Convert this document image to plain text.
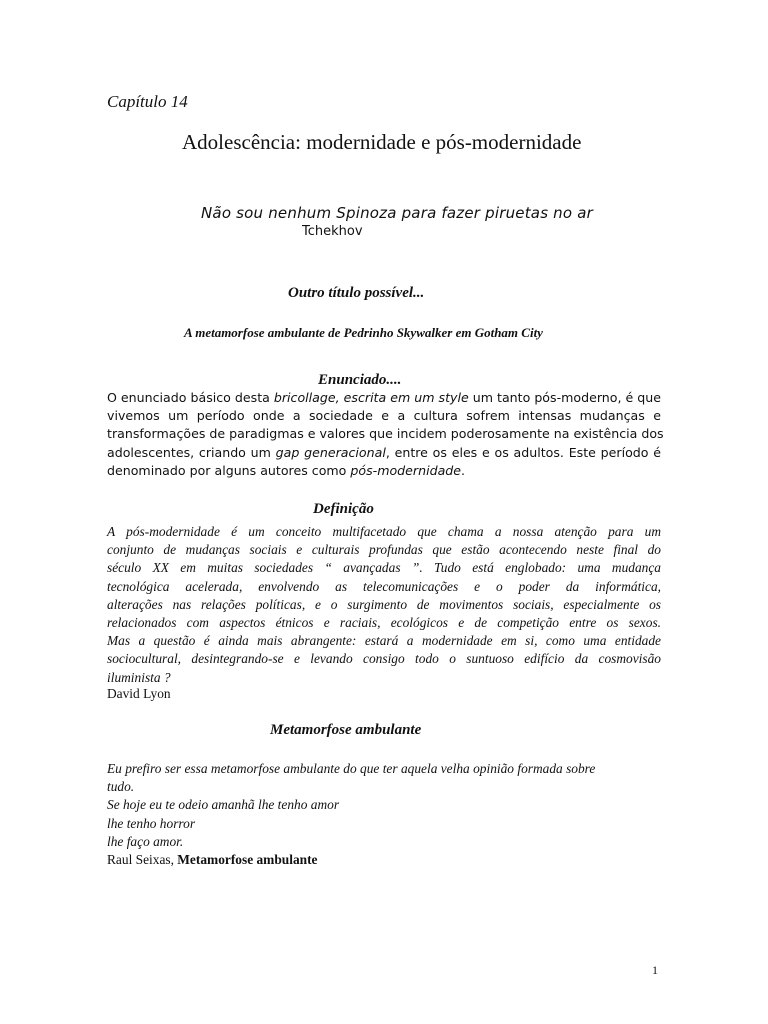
Capítulo 14
Adolescência: modernidade e pós-modernidade
Não sou nenhum Spinoza para fazer piruetas no ar
Tchekhov
Outro título possível...
A metamorfose ambulante de Pedrinho Skywalker em Gotham City
Enunciado....
O enunciado básico desta bricollage, escrita em um style um tanto pós-moderno, é que
vivemos um período onde a sociedade e a cultura sofrem intensas mudanças e
transformações de paradigmas e valores que incidem poderosamente na existência dos
adolescentes, criando um gap generacional, entre os eles e os adultos. Este período é
denominado por alguns autores como pós-modernidade.
Definição
A pós-modernidade é um conceito multifacetado que chama a nossa atenção para um
conjunto de mudanças sociais e culturais profundas que estão acontecendo neste final do
século XX em muitas sociedades “ avançadas ”. Tudo está englobado: uma mudança
tecnológica acelerada, envolvendo as telecomunicações e o poder da informática,
alterações nas relações políticas, e o surgimento de movimentos sociais, especialmente os
relacionados com aspectos étnicos e raciais, ecológicos e de competição entre os sexos.
Mas a questão é ainda mais abrangente: estará a modernidade em si, como uma entidade
sociocultural, desintegrando-se e levando consigo todo o suntuoso edifício da cosmovisão
iluminista ?
David Lyon
Metamorfose ambulante
Eu prefiro ser essa metamorfose ambulante do que ter aquela velha opinião formada sobre
tudo.
Se hoje eu te odeio amanhã lhe tenho amor
lhe tenho horror
lhe faço amor.
Raul Seixas, Metamorfose ambulante
1
